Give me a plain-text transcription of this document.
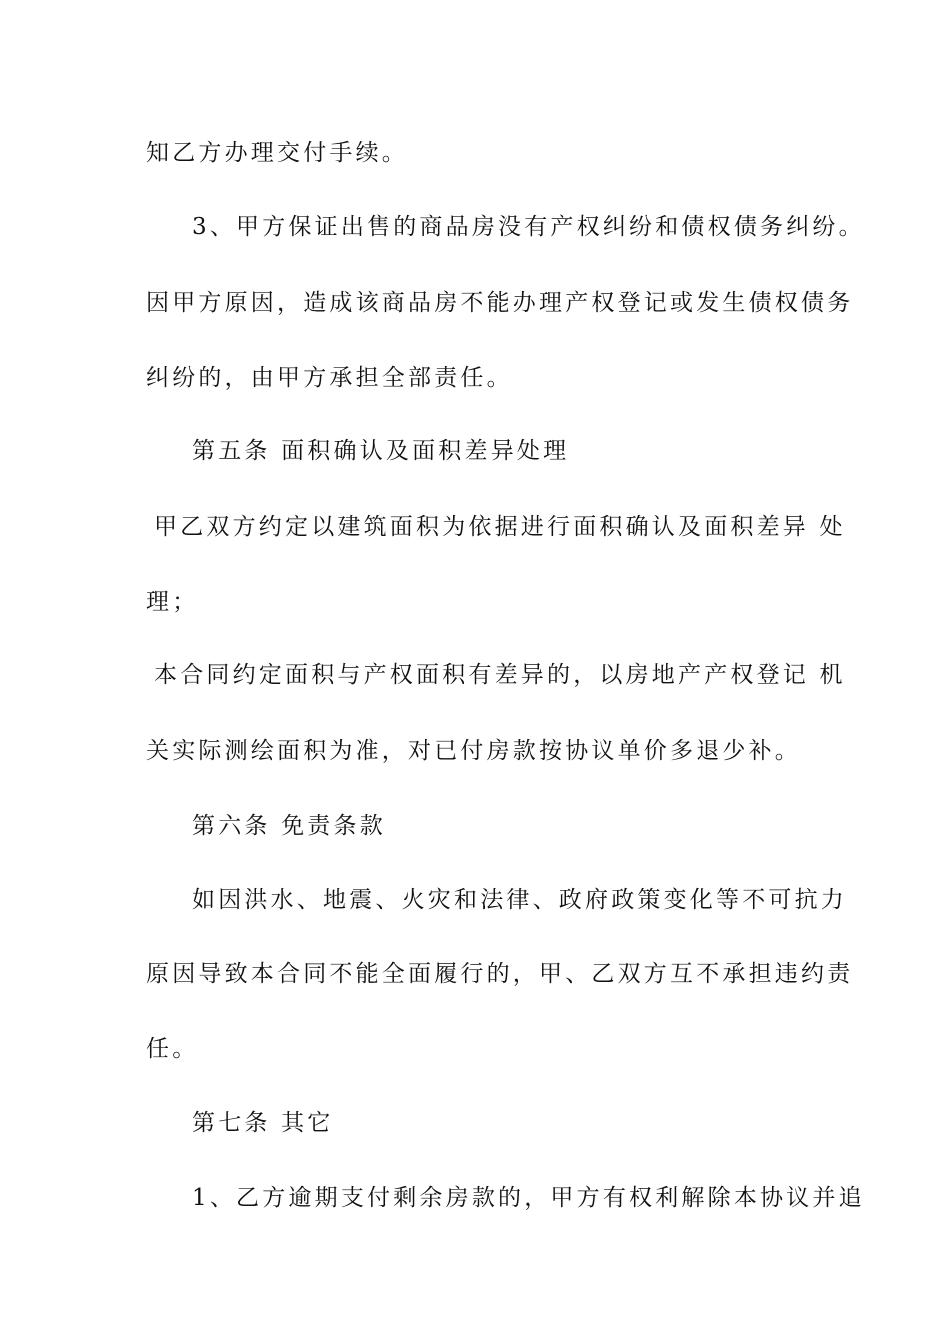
知乙方办理交付手续。
3、甲方保证出售的商品房没有产权纠纷和债权债务纠纷。
因甲方原因，造成该商品房不能办理产权登记或发生债权债务
纠纷的，由甲方承担全部责任。
第五条 面积确认及面积差异处理
甲乙双方约定以建筑面积为依据进行面积确认及面积差异 处
理；
本合同约定面积与产权面积有差异的，以房地产产权登记 机
关实际测绘面积为准，对已付房款按协议单价多退少补。
第六条 免责条款
如因洪水、地震、火灾和法律、政府政策变化等不可抗力
原因导致本合同不能全面履行的，甲、乙双方互不承担违约责
任。
第七条 其它
1、乙方逾期支付剩余房款的，甲方有权利解除本协议并追
